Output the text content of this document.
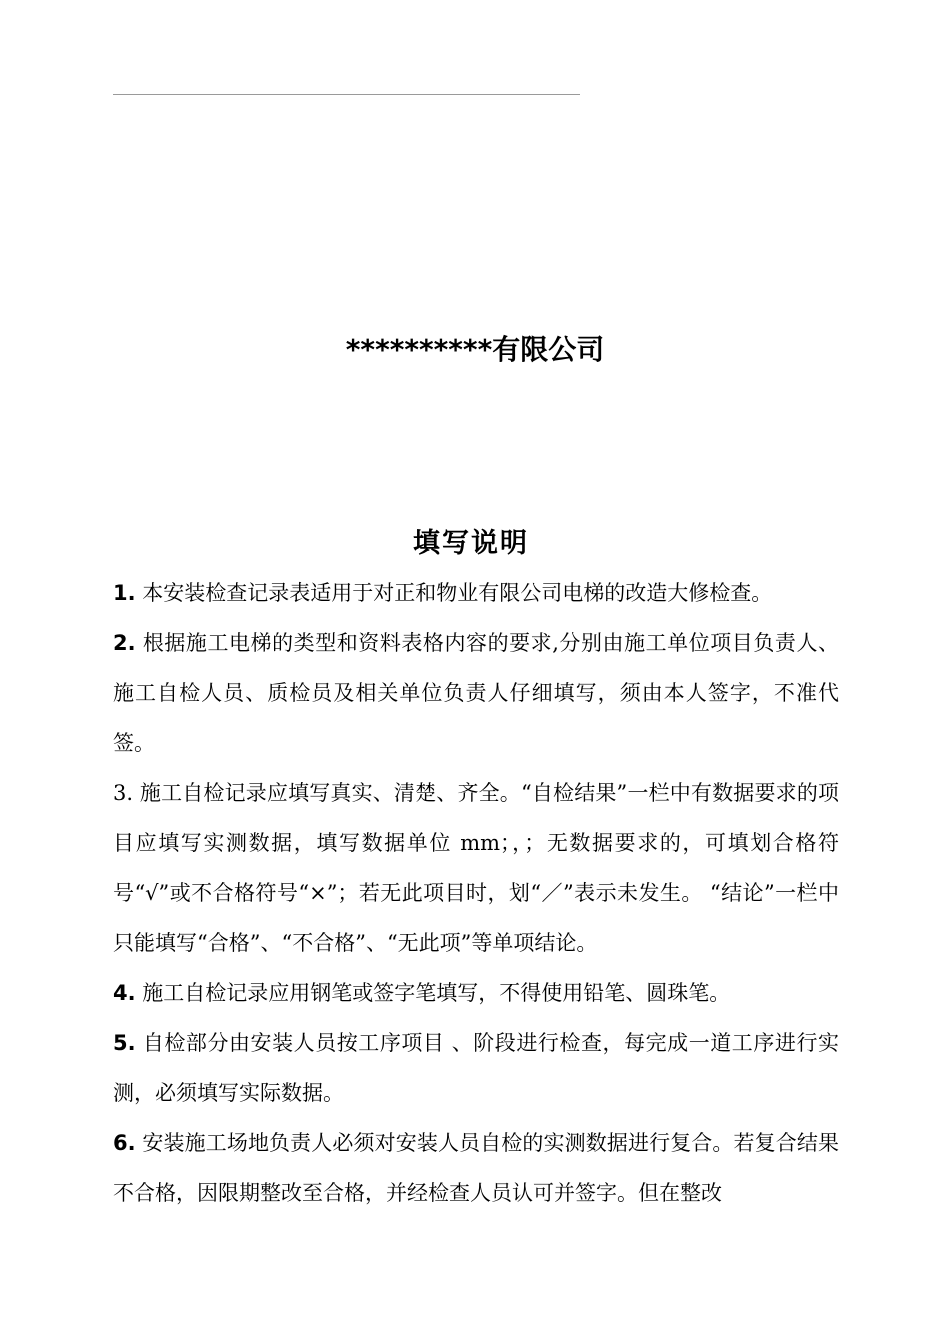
**********有限公司
填写说明

1. 本安装检查记录表适用于对正和物业有限公司电梯的改造大修检查。

2. 根据施工电梯的类型和资料表格内容的要求,分别由施工单位项目负责人、施工自检人员、质检员及相关单位负责人仔细填写，须由本人签字，不准代签。

3. 施工自检记录应填写真实、清楚、齐全。“自检结果”一栏中有数据要求的项目应填写实测数据，填写数据单位 mm；，；无数据要求的，可填划合格符号“√”或不合格符号“×”；若无此项目时，划“／”表示未发生。 “结论”一栏中只能填写“合格”、“不合格”、“无此项”等单项结论。

4. 施工自检记录应用钢笔或签字笔填写，不得使用铅笔、圆珠笔。

5. 自检部分由安装人员按工序项目 、阶段进行检查，每完成一道工序进行实测，必须填写实际数据。

6. 安装施工场地负责人必须对安装人员自检的实测数据进行复合。若复合结果不合格，因限期整改至合格，并经检查人员认可并签字。但在整改
